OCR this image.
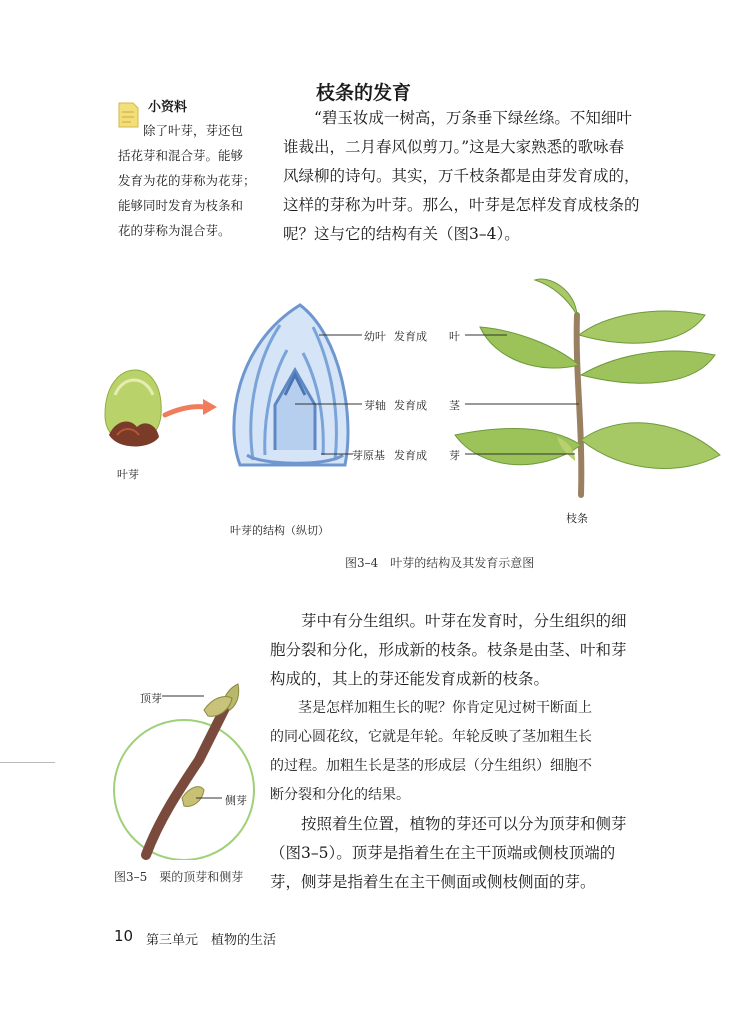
小资料

除了叶芽，芽还包

括花芽和混合芽。能够

发育为花的芽称为花芽；

能够同时发育为枝条和

花的芽称为混合芽。

枝条的发育

“碧玉妆成一树高，万条垂下绿丝绦。不知细叶

谁裁出，二月春风似剪刀。”这是大家熟悉的歌咏春

风绿柳的诗句。其实，万千枝条都是由芽发育成的，

这样的芽称为叶芽。那么，叶芽是怎样发育成枝条的

呢？这与它的结构有关（图3–4）。

幼叶 发育成 叶
芽轴 发育成 茎
芽原基 发育成 芽
叶芽
叶芽的结构（纵切）
枝条
图3–4　叶芽的结构及其发育示意图
顶芽
侧芽
图3–5　栗的顶芽和侧芽

芽中有分生组织。叶芽在发育时，分生组织的细

胞分裂和分化，形成新的枝条。枝条是由茎、叶和芽

构成的，其上的芽还能发育成新的枝条。

茎是怎样加粗生长的呢？你肯定见过树干断面上

的同心圆花纹，它就是年轮。年轮反映了茎加粗生长

的过程。加粗生长是茎的形成层（分生组织）细胞不

断分裂和分化的结果。

按照着生位置，植物的芽还可以分为顶芽和侧芽

（图3–5）。顶芽是指着生在主干顶端或侧枝顶端的

芽，侧芽是指着生在主干侧面或侧枝侧面的芽。

10 第三单元　植物的生活
